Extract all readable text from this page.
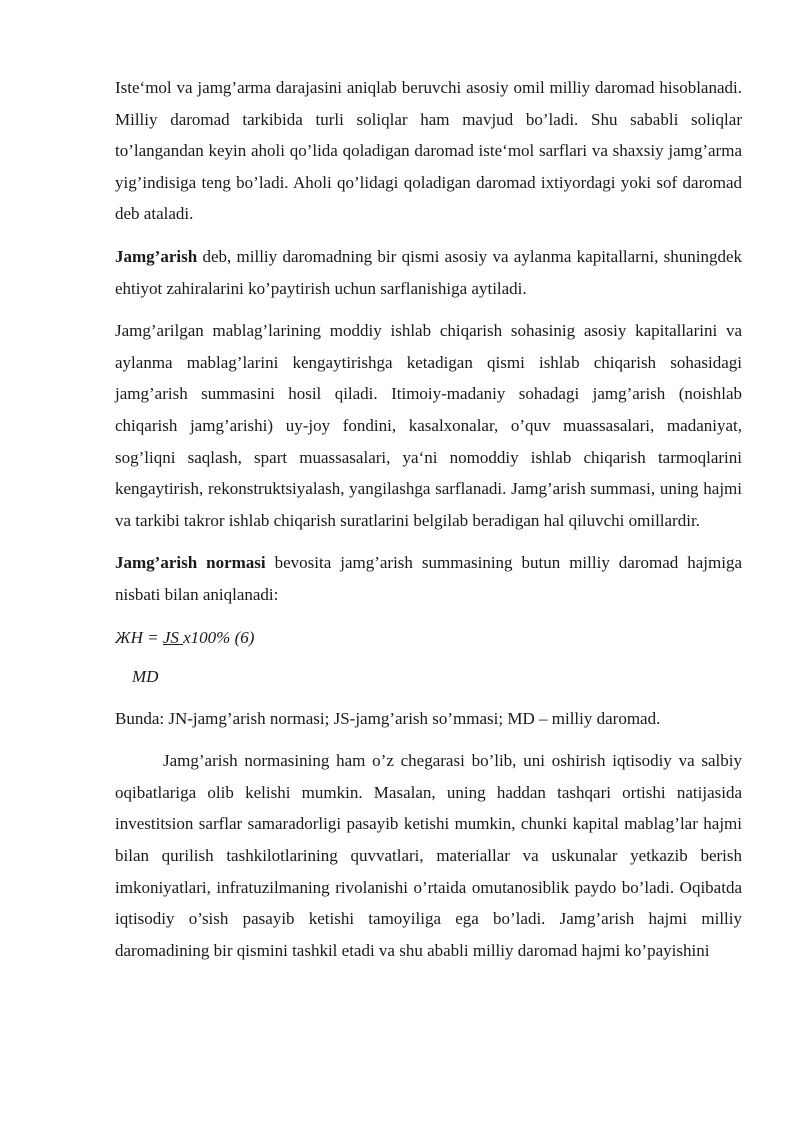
Iste‘mol va jamg’arma darajasini aniqlab beruvchi asosiy omil milliy daromad hisoblanadi. Milliy daromad tarkibida turli soliqlar ham mavjud bo’ladi. Shu sababli soliqlar to’langandan keyin aholi qo’lida qoladigan daromad iste‘mol sarflari va shaxsiy jamg’arma yig’indisiga teng bo’ladi. Aholi qo’lidagi qoladigan daromad ixtiyordagi yoki sof daromad deb ataladi.

Jamg’arish deb, milliy daromadning bir qismi asosiy va aylanma kapitallarni, shuningdek ehtiyot zahiralarini ko’paytirish uchun sarflanishiga aytiladi.

Jamg’arilgan mablag’larining moddiy ishlab chiqarish sohasinig asosiy kapitallarini va aylanma mablag’larini kengaytirishga ketadigan qismi ishlab chiqarish sohasidagi jamg’arish summasini hosil qiladi. Itimoiy-madaniy sohadagi jamg’arish (noishlab chiqarish jamg’arishi) uy-joy fondini, kasalxonalar, o’quv muassasalari, madaniyat, sog’liqni saqlash, spart muassasalari, ya‘ni nomoddiy ishlab chiqarish tarmoqlarini kengaytirish, rekonstruktsiyalash, yangilashga sarflanadi. Jamg’arish summasi, uning hajmi va tarkibi takror ishlab chiqarish suratlarini belgilab beradigan hal qiluvchi omillardir.

Jamg’arish normasi bevosita jamg’arish summasining butun milliy daromad hajmiga nisbati bilan aniqlanadi:

ЖН = JS x100% (6)

MD

Bunda: JN-jamg’arish normasi; JS-jamg’arish so’mmasi; MD – milliy daromad.

Jamg’arish normasining ham o’z chegarasi bo’lib, uni oshirish iqtisodiy va salbiy oqibatlariga olib kelishi mumkin. Masalan, uning haddan tashqari ortishi natijasida investitsion sarflar samaradorligi pasayib ketishi mumkin, chunki kapital mablag’lar hajmi bilan qurilish tashkilotlarining quvvatlari, materiallar va uskunalar yetkazib berish imkoniyatlari, infratuzilmaning rivolanishi o’rtaida omutanosiblik paydo bo’ladi. Oqibatda iqtisodiy o’sish pasayib ketishi tamoyiliga ega bo’ladi. Jamg’arish hajmi milliy daromadining bir qismini tashkil etadi va shu ababli milliy daromad hajmi ko’payishini
